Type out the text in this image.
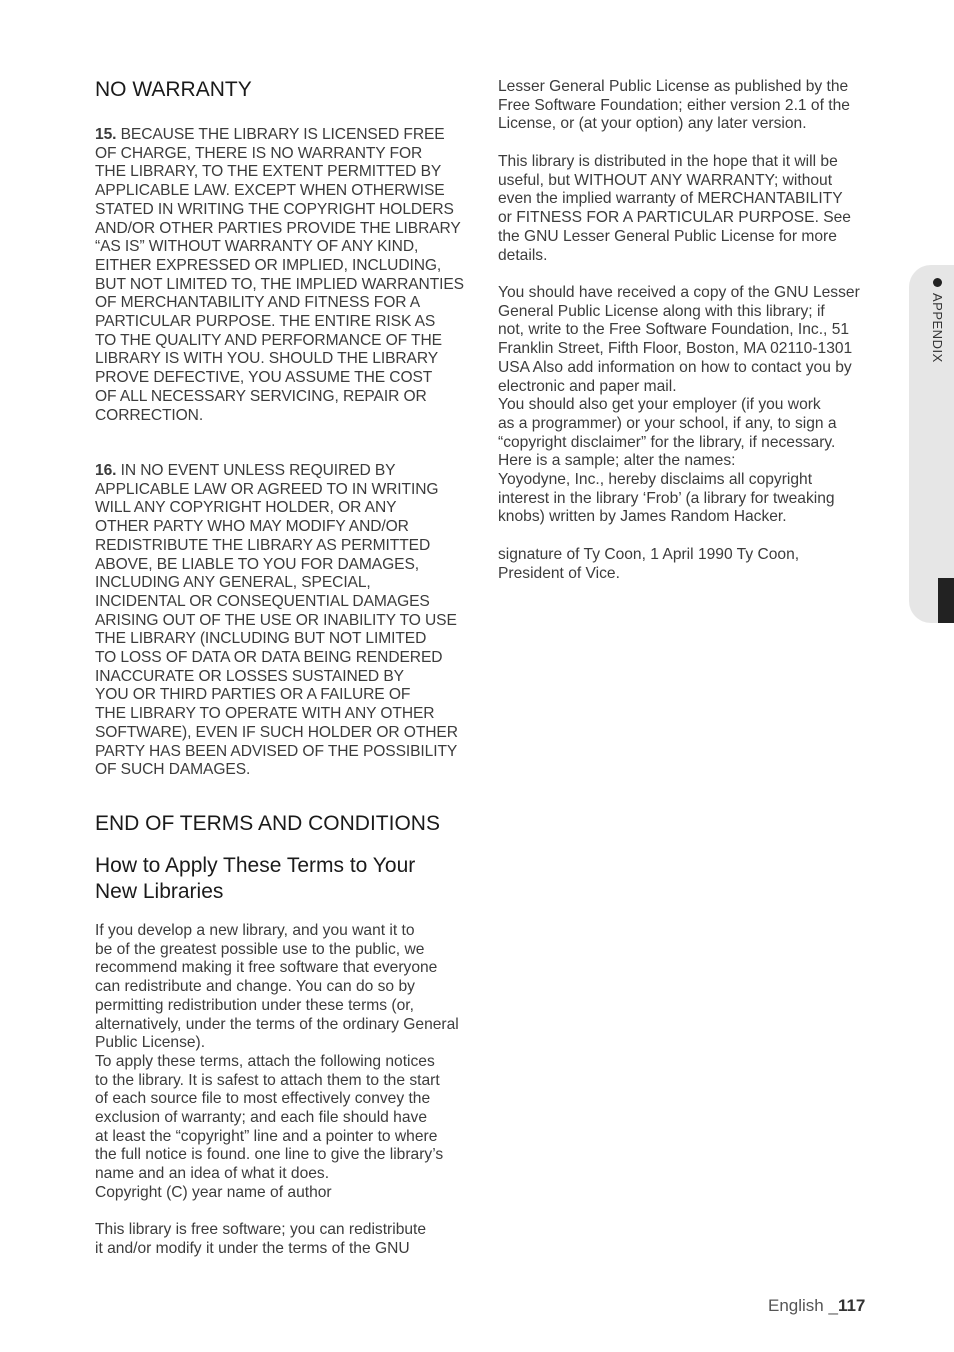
NO WARRANTY

15. BECAUSE THE LIBRARY IS LICENSED FREE
OF CHARGE, THERE IS NO WARRANTY FOR
THE LIBRARY, TO THE EXTENT PERMITTED BY
APPLICABLE LAW. EXCEPT WHEN OTHERWISE
STATED IN WRITING THE COPYRIGHT HOLDERS
AND/OR OTHER PARTIES PROVIDE THE LIBRARY
“AS IS” WITHOUT WARRANTY OF ANY KIND,
EITHER EXPRESSED OR IMPLIED, INCLUDING,
BUT NOT LIMITED TO, THE IMPLIED WARRANTIES
OF MERCHANTABILITY AND FITNESS FOR A
PARTICULAR PURPOSE. THE ENTIRE RISK AS
TO THE QUALITY AND PERFORMANCE OF THE
LIBRARY IS WITH YOU. SHOULD THE LIBRARY
PROVE DEFECTIVE, YOU ASSUME THE COST
OF ALL NECESSARY SERVICING, REPAIR OR
CORRECTION.

16. IN NO EVENT UNLESS REQUIRED BY
APPLICABLE LAW OR AGREED TO IN WRITING
WILL ANY COPYRIGHT HOLDER, OR ANY
OTHER PARTY WHO MAY MODIFY AND/OR
REDISTRIBUTE THE LIBRARY AS PERMITTED
ABOVE, BE LIABLE TO YOU FOR DAMAGES,
INCLUDING ANY GENERAL, SPECIAL,
INCIDENTAL OR CONSEQUENTIAL DAMAGES
ARISING OUT OF THE USE OR INABILITY TO USE
THE LIBRARY (INCLUDING BUT NOT LIMITED
TO LOSS OF DATA OR DATA BEING RENDERED
INACCURATE OR LOSSES SUSTAINED BY
YOU OR THIRD PARTIES OR A FAILURE OF
THE LIBRARY TO OPERATE WITH ANY OTHER
SOFTWARE), EVEN IF SUCH HOLDER OR OTHER
PARTY HAS BEEN ADVISED OF THE POSSIBILITY
OF SUCH DAMAGES.

END OF TERMS AND CONDITIONS
How to Apply These Terms to Your
New Libraries

If you develop a new library, and you want it to
be of the greatest possible use to the public, we
recommend making it free software that everyone
can redistribute and change. You can do so by
permitting redistribution under these terms (or,
alternatively, under the terms of the ordinary General
Public License).
To apply these terms, attach the following notices
to the library. It is safest to attach them to the start
of each source file to most effectively convey the
exclusion of warranty; and each file should have
at least the “copyright” line and a pointer to where
the full notice is found. one line to give the library’s
name and an idea of what it does.
Copyright (C) year name of author

This library is free software; you can redistribute
it and/or modify it under the terms of the GNU

Lesser General Public License as published by the
Free Software Foundation; either version 2.1 of the
License, or (at your option) any later version.

This library is distributed in the hope that it will be
useful, but WITHOUT ANY WARRANTY; without
even the implied warranty of MERCHANTABILITY
or FITNESS FOR A PARTICULAR PURPOSE. See
the GNU Lesser General Public License for more
details.

You should have received a copy of the GNU Lesser
General Public License along with this library; if
not, write to the Free Software Foundation, Inc., 51
Franklin Street, Fifth Floor, Boston, MA 02110-1301
USA Also add information on how to contact you by
electronic and paper mail.
You should also get your employer (if you work
as a programmer) or your school, if any, to sign a
“copyright disclaimer” for the library, if necessary.
Here is a sample; alter the names:
Yoyodyne, Inc., hereby disclaims all copyright
interest in the library ‘Frob’ (a library for tweaking
knobs) written by James Random Hacker.

signature of Ty Coon, 1 April 1990 Ty Coon,
President of Vice.

APPENDIX
English _117
